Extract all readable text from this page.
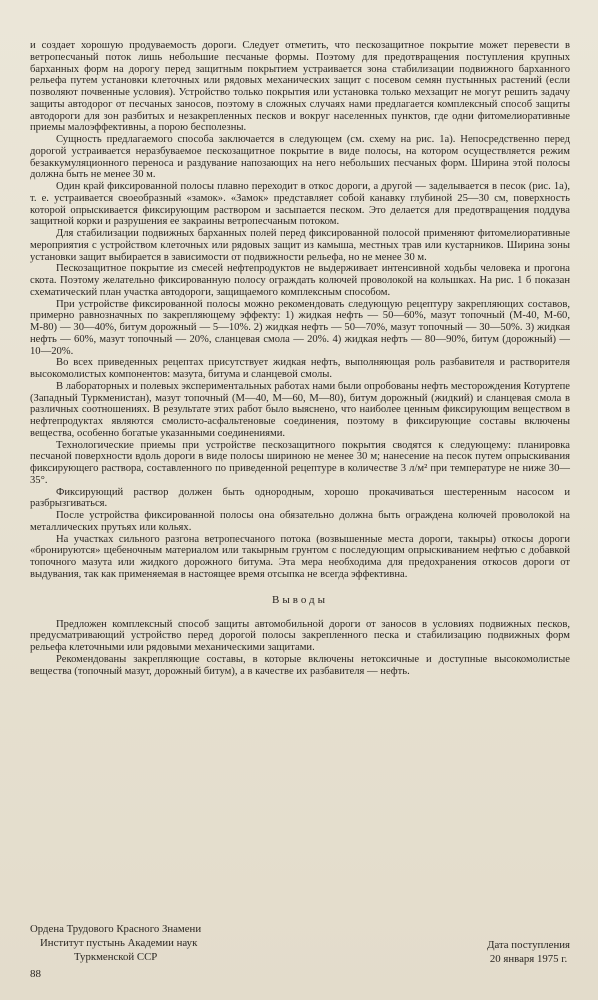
и создает хорошую продуваемость дороги. Следует отметить, что пескозащитное покрытие может перевести в ветропесчаный поток лишь небольшие песчаные формы. Поэтому для предотвращения поступления крупных барханных форм на дорогу перед защитным покрытием устраивается зона стабилизации подвижного барханного рельефа путем установки клеточных или рядовых механических защит с посевом семян пустынных растений (если позволяют почвенные условия). Устройство только покрытия или установка только мехзащит не могут решить задачу защиты автодорог от песчаных заносов, поэтому в сложных случаях нами предлагается комплексный способ защиты автодороги для зон разбитых и незакрепленных песков и вокруг населенных пунктов, где одни фитомелиоративные приемы малоэффективны, а порою бесполезны.

Сущность предлагаемого способа заключается в следующем (см. схему на рис. 1а). Непосредственно перед дорогой устраивается неразбуваемое пескозащитное покрытие в виде полосы, на котором осуществляется режим безаккумуляционного переноса и раздувание напозающих на него небольших песчаных форм. Ширина этой полосы должна быть не менее 30 м.

Один край фиксированной полосы плавно переходит в откос дороги, а другой — заделывается в песок (рис. 1а), т. е. устраивается своеобразный «замок». «Замок» представляет собой канавку глубиной 25—30 см, поверхность которой опрыскивается фиксирующим раствором и засыпается песком. Это делается для предотвращения поддува защитной корки и разрушения ее закраины ветропесчаным потоком.

Для стабилизации подвижных барханных полей перед фиксированной полосой применяют фитомелиоративные мероприятия с устройством клеточных или рядовых защит из камыша, местных трав или кустарников. Ширина зоны установки защит выбирается в зависимости от подвижности рельефа, но не менее 30 м.

Пескозащитное покрытие из смесей нефтепродуктов не выдерживает интенсивной ходьбы человека и прогона скота. Поэтому желательно фиксированную полосу ограждать колючей проволокой на кольшках. На рис. 1 б показан схематический план участка автодороги, защищаемого комплексным способом.

При устройстве фиксированной полосы можно рекомендовать следующую рецептуру закрепляющих составов, примерно равнозначных по закрепляющему эффекту: 1) жидкая нефть — 50—60%, мазут топочный (М-40, М-60, М-80) — 30—40%, битум дорожный — 5—10%. 2) жидкая нефть — 50—70%, мазут топочный — 30—50%. 3) жидкая нефть — 60%, мазут топочный — 20%, сланцевая смола — 20%. 4) жидкая нефть — 80—90%, битум (дорожный) — 10—20%.

Во всех приведенных рецептах присутствует жидкая нефть, выполняющая роль разбавителя и растворителя высокомолистых компонентов: мазута, битума и сланцевой смолы.

В лабораторных и полевых экспериментальных работах нами были опробованы нефть месторождения Котуртепе (Западный Туркменистан), мазут топочный (М—40, М—60, М—80), битум дорожный (жидкий) и сланцевая смола в различных соотношениях. В результате этих работ было выяснено, что наиболее ценным фиксирующим веществом в нефтепродуктах являются смолисто-асфальтеновые соединения, поэтому в фиксирующие составы включены вещества, особенно богатые указанными соединениями.

Технологические приемы при устройстве пескозащитного покрытия сводятся к следующему: планировка песчаной поверхности вдоль дороги в виде полосы шириною не менее 30 м; нанесение на песок путем опрыскивания фиксирующего раствора, составленного по приведенной рецептуре в количестве 3 л/м² при температуре не ниже 30—35°.

Фиксирующий раствор должен быть однородным, хорошо прокачиваться шестеренным насосом и разбрызгиваться.

После устройства фиксированной полосы она обязательно должна быть ограждена колючей проволокой на металлических прутьях или кольях.

На участках сильного разгона ветропесчаного потока (возвышенные места дороги, такыры) откосы дороги «бронируются» щебеночным материалом или такырным грунтом с последующим опрыскиванием нефтью с добавкой топочного мазута или жидкого дорожного битума. Эта мера необходима для предохранения откосов дороги от выдувания, так как применяемая в настоящее время отсыпка не всегда эффективна.

Выводы

Предложен комплексный способ защиты автомобильной дороги от заносов в условиях подвижных песков, предусматривающий устройство перед дорогой полосы закрепленного песка и стабилизацию подвижных форм рельефа клеточными или рядовыми механическими защитами.

Рекомендованы закрепляющие составы, в которые включены нетоксичные и доступные высокомолистые вещества (топочный мазут, дорожный битум), а в качестве их разбавителя — нефть.

Ордена Трудового Красного Знамени
Институт пустынь Академии наук
Туркменской ССР
Дата поступления
20 января 1975 г.
88
